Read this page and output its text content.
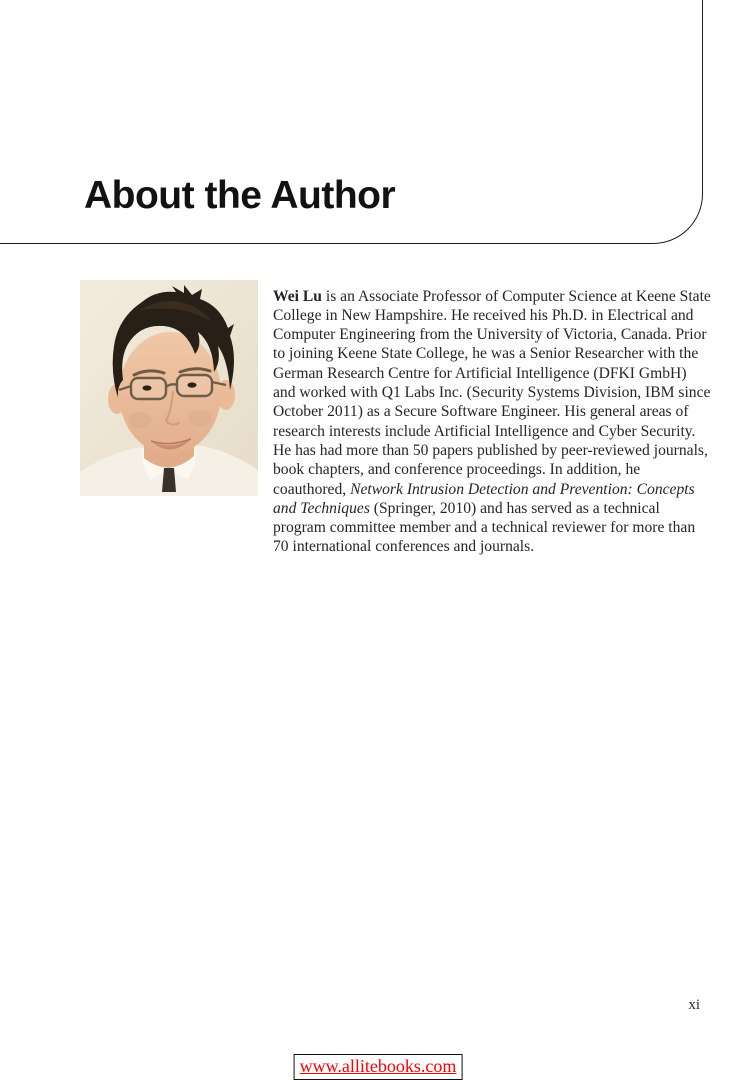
About the Author

Wei Lu is an Associate Professor of Computer Science at Keene State College in New Hampshire. He received his Ph.D. in Electrical and Computer Engineering from the University of Victoria, Canada. Prior to joining Keene State College, he was a Senior Researcher with the German Research Centre for Artificial Intelligence (DFKI GmbH) and worked with Q1 Labs Inc. (Security Systems Division, IBM since October 2011) as a Secure Software Engineer. His general areas of research interests include Artificial Intelligence and Cyber Security. He has had more than 50 papers published by peer-reviewed journals, book chapters, and conference proceedings. In addition, he coauthored, Network Intrusion Detection and Prevention: Concepts and Techniques (Springer, 2010) and has served as a technical program committee member and a technical reviewer for more than 70 international conferences and journals.

xi
www.allitebooks.com
